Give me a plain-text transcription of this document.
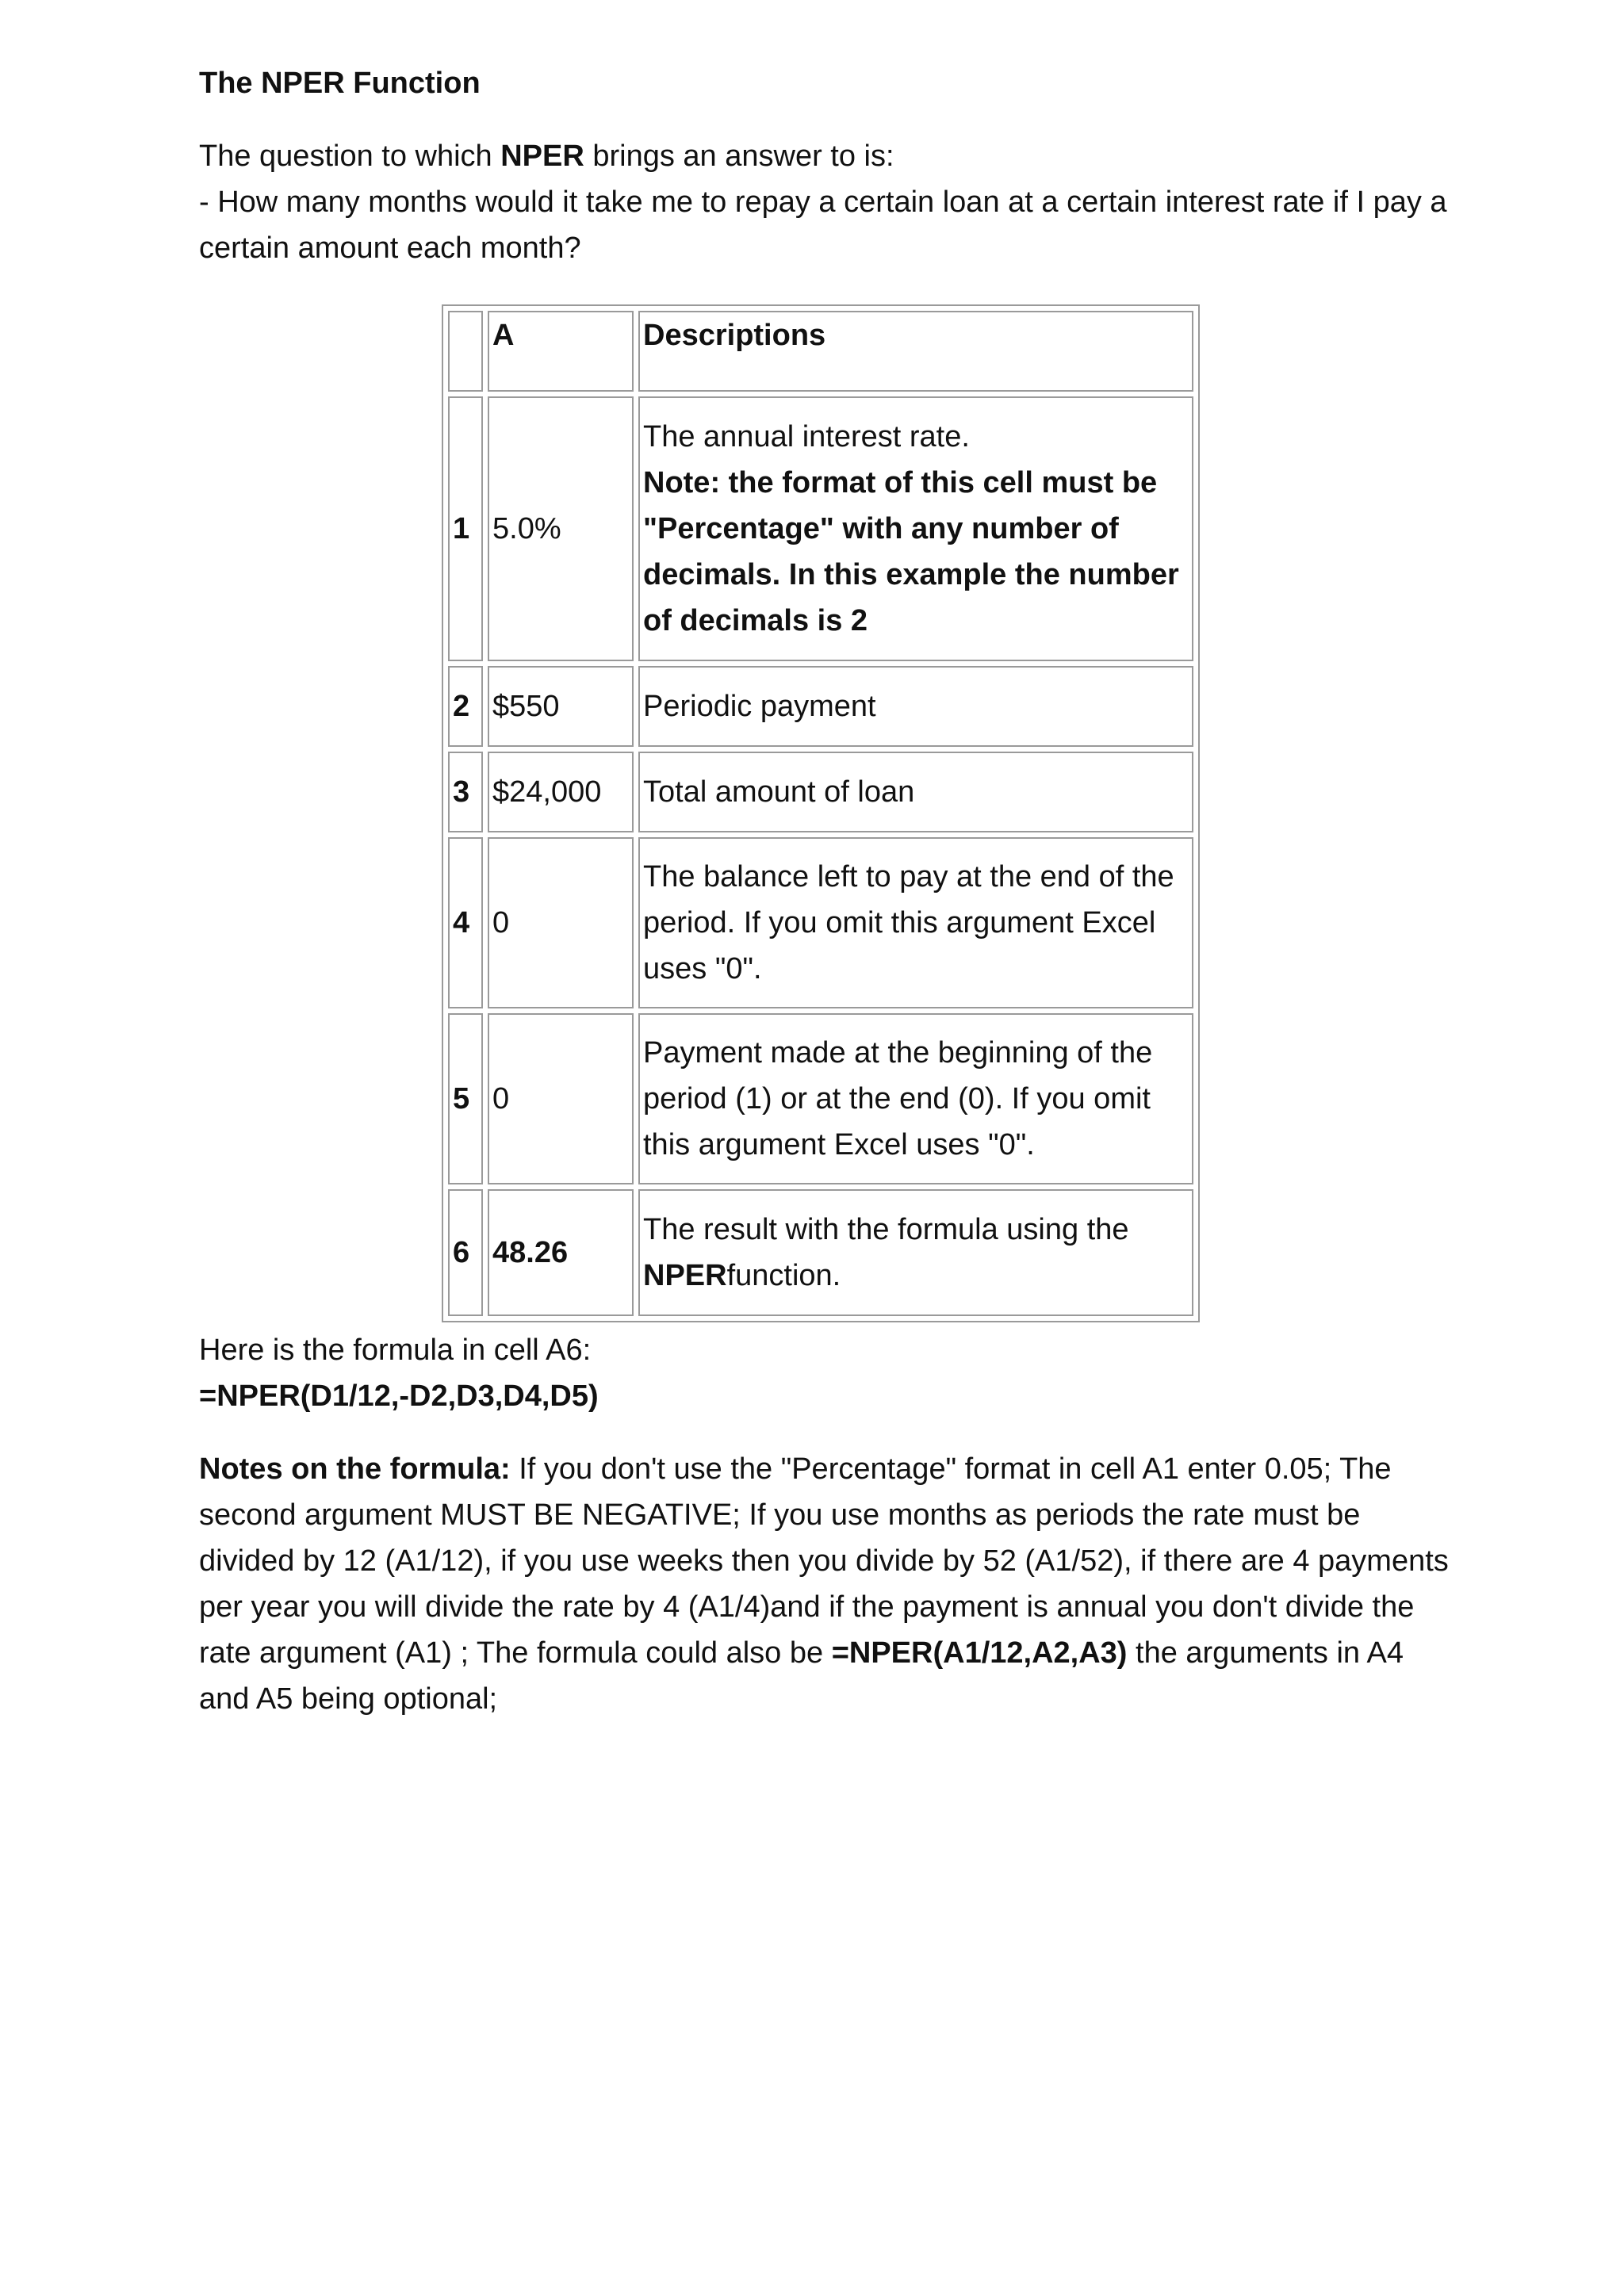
The NPER Function

The question to which NPER brings an answer to is:
- How many months would it take me to repay a certain loan at a certain interest rate if I pay a certain amount each month?

	A	Descriptions
1	5.0%	The annual interest rate.
Note: the format of this cell must be "Percentage" with any number of decimals. In this example the number of decimals is 2
2	$550	Periodic payment
3	$24,000	Total amount of loan
4	0	The balance left to pay at the end of the period. If you omit this argument Excel uses "0".
5	0	Payment made at the beginning of the period (1) or at the end (0). If you omit this argument Excel uses "0".
6	48.26	The result with the formula using the NPERfunction.

Here is the formula in cell A6:

=NPER(D1/12,-D2,D3,D4,D5)

Notes on the formula: If you don't use the "Percentage" format in cell A1 enter 0.05; The second argument MUST BE NEGATIVE; If you use months as periods the rate must be divided by 12 (A1/12), if you use weeks then you divide by 52 (A1/52), if there are 4 payments per year you will divide the rate by 4 (A1/4)and if the payment is annual you don't divide the rate argument (A1) ; The formula could also be =NPER(A1/12,A2,A3) the arguments in A4 and A5 being optional;
